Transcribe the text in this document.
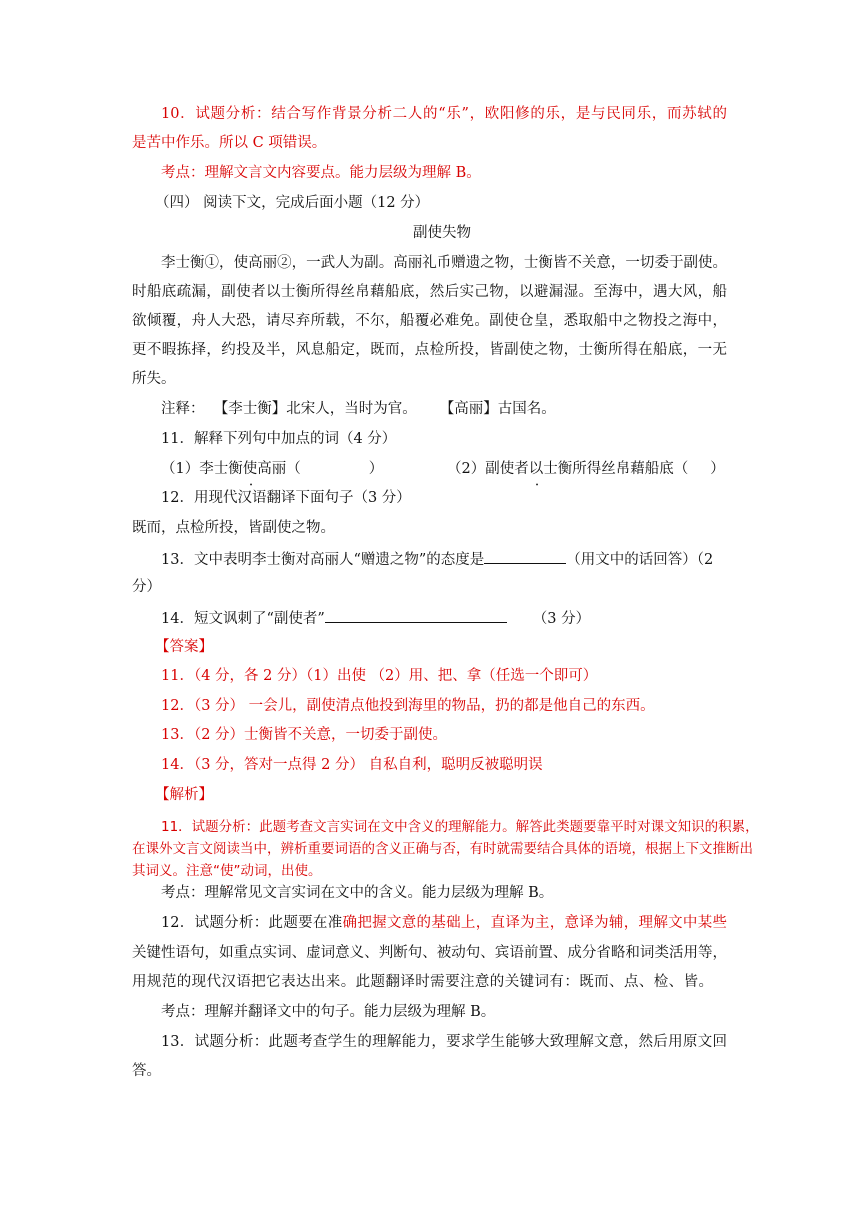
10．试题分析：结合写作背景分析二人的“乐”，欧阳修的乐，是与民同乐，而苏轼的
是苦中作乐。所以 C 项错误。
考点：理解文言文内容要点。能力层级为理解 B。
（四） 阅读下文，完成后面小题（12 分）
副使失物
李士衡①，使高丽②，一武人为副。高丽礼币赠遗之物，士衡皆不关意，一切委于副使。
时船底疏漏，副使者以士衡所得丝帛藉船底，然后实己物，以避漏湿。至海中，遇大风，船
欲倾覆，舟人大恐，请尽弃所载，不尔，船覆必难免。副使仓皇，悉取船中之物投之海中，
更不暇拣择，约投及半，风息船定，既而，点检所投，皆副使之物，士衡所得在船底，一无
所失。
注释：  【李士衡】北宋人，当时为官。     【高丽】古国名。
11．解释下列句中加点的词（4 分）
（1）李士衡使高丽（	）	（2）副使者以士衡所得丝帛藉船底（ ）
12．用现代汉语翻译下面句子（3 分）
既而，点检所投，皆副使之物。
13．文中表明李士衡对高丽人“赠遗之物”的态度是	（用文中的话回答）（2
分）
14．短文讽刺了“副使者”	（3 分）
【答案】
11．（4 分，各 2 分）（1）出使 （2）用、把、拿（任选一个即可）
12．（3 分） 一会儿，副使清点他投到海里的物品，扔的都是他自己的东西。
13．（2 分）士衡皆不关意，一切委于副使。
14．（3 分，答对一点得 2 分） 自私自利，聪明反被聪明误
【解析】
11．试题分析：此题考查文言实词在文中含义的理解能力。解答此类题要靠平时对课文知识的积累，
在课外文言文阅读当中，辨析重要词语的含义正确与否，有时就需要结合具体的语境，根据上下文推断出
其词义。注意“使”动词，出使。
考点：理解常见文言实词在文中的含义。能力层级为理解 B。
12．试题分析：此题要在准确把握文意的基础上，直译为主，意译为辅，理解文中某些
关键性语句，如重点实词、虚词意义、判断句、被动句、宾语前置、成分省略和词类活用等，
用规范的现代汉语把它表达出来。此题翻译时需要注意的关键词有：既而、点、检、皆。
考点：理解并翻译文中的句子。能力层级为理解 B。
13．试题分析：此题考查学生的理解能力，要求学生能够大致理解文意，然后用原文回
答。
